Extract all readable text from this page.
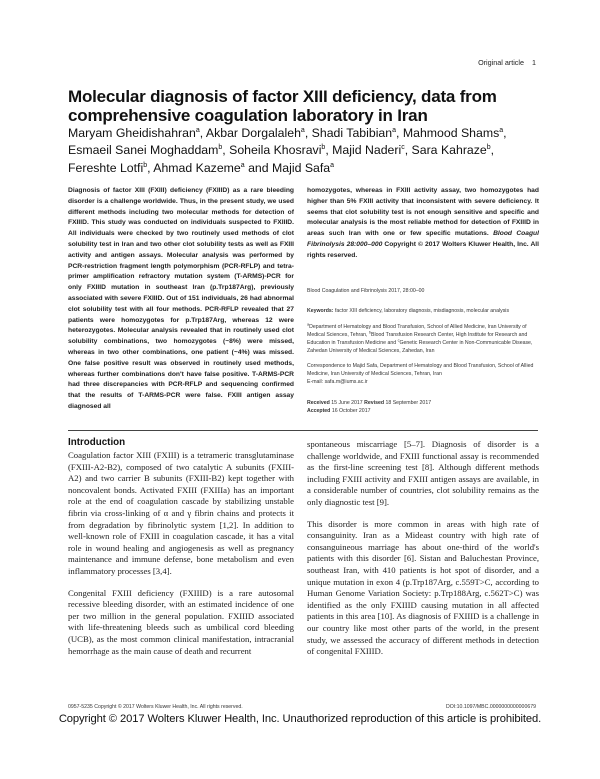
Original article 1
Molecular diagnosis of factor XIII deficiency, data from comprehensive coagulation laboratory in Iran
Maryam Gheidishahran$^a$, Akbar Dorgalaleh$^a$, Shadi Tabibian$^a$, Mahmood Shams$^a$, Esmaeil Sanei Moghaddam$^b$, Soheila Khosravi$^b$, Majid Naderi$^c$, Sara Kahraze$^b$, Fereshte Lotfi$^b$, Ahmad Kazeme$^a$ and Majid Safa$^a$
Diagnosis of factor XIII (FXIII) deficiency (FXIIID) as a rare bleeding disorder is a challenge worldwide. Thus, in the present study, we used different methods including two molecular methods for detection of FXIIID. This study was conducted on individuals suspected to FXIIID. All individuals were checked by two routinely used methods of clot solubility test in Iran and two other clot solubility tests as well as FXIII activity and antigen assays. Molecular analysis was performed by PCR-restriction fragment length polymorphism (PCR-RFLP) and tetra-primer amplification refractory mutation system (T-ARMS)-PCR for only FXIIID mutation in southeast Iran (p.Trp187Arg), previously associated with severe FXIIID. Out of 151 individuals, 26 had abnormal clot solubility test with all four methods. PCR-RFLP revealed that 27 patients were homozygotes for p.Trp187Arg, whereas 12 were heterozygotes. Molecular analysis revealed that in routinely used clot solubility combinations, two homozygotes (~8%) were missed, whereas in two other combinations, one patient (~4%) was missed. One false positive result was observed in routinely used methods, whereas further combinations don't have false positive. T-ARMS-PCR had three discrepancies with PCR-RFLP and sequencing confirmed that the results of T-ARMS-PCR were false. FXIII antigen assay diagnosed all
homozygotes, whereas in FXIII activity assay, two homozygotes had higher than 5% FXIII activity that inconsistent with severe deficiency. It seems that clot solubility test is not enough sensitive and specific and molecular analysis is the most reliable method for detection of FXIIID in areas such Iran with one or few specific mutations. Blood Coagul Fibrinolysis 28:000–000 Copyright © 2017 Wolters Kluwer Health, Inc. All rights reserved.
Blood Coagulation and Fibrinolysis 2017, 28:00–00
Keywords: factor XIII deficiency, laboratory diagnosis, misdiagnosis, molecular analysis
$^a$Department of Hematology and Blood Transfusion, School of Allied Medicine, Iran University of Medical Sciences, Tehran, $^b$Blood Transfusion Research Center, High Institute for Research and Education in Transfusion Medicine and $^c$Genetic Research Center in Non-Communicable Disease, Zahedan University of Medical Sciences, Zahedan, Iran
Correspondence to Majid Safa, Department of Hematology and Blood Transfusion, School of Allied Medicine, Iran University of Medical Sciences, Tehran, Iran
E-mail: safa.m@iums.ac.ir
Received 15 June 2017 Revised 18 September 2017
Accepted 16 October 2017
Introduction

Coagulation factor XIII (FXIII) is a tetrameric transglutaminase (FXIII-A2-B2), composed of two catalytic A subunits (FXIII-A2) and two carrier B subunits (FXIII-B2) kept together with noncovalent bonds. Activated FXIII (FXIIIa) has an important role at the end of coagulation cascade by stabilizing unstable fibrin via cross-linking of α and γ fibrin chains and protects it from degradation by fibrinolytic system [1,2]. In addition to well-known role of FXIII in coagulation cascade, it has a vital role in wound healing and angiogenesis as well as pregnancy maintenance and immune defense, bone metabolism and even inflammatory processes [3,4].

Congenital FXIII deficiency (FXIIID) is a rare autosomal recessive bleeding disorder, with an estimated incidence of one per two million in the general population. FXIIID associated with life-threatening bleeds such as umbilical cord bleeding (UCB), as the most common clinical manifestation, intracranial hemorrhage as the main cause of death and recurrent

spontaneous miscarriage [5–7]. Diagnosis of disorder is a challenge worldwide, and FXIII functional assay is recommended as the first-line screening test [8]. Although different methods including FXIII activity and FXIII antigen assays are available, in a considerable number of countries, clot solubility remains as the only diagnostic test [9].

This disorder is more common in areas with high rate of consanguinity. Iran as a Mideast country with high rate of consanguineous marriage has about one-third of the world's patients with this disorder [6]. Sistan and Baluchestan Province, southeast Iran, with 410 patients is hot spot of disorder, and a unique mutation in exon 4 (p.Trp187Arg, c.559T>C, according to Human Genome Variation Society: p.Trp188Arg, c.562T>C) was identified as the only FXIIID causing mutation in all affected patients in this area [10]. As diagnosis of FXIIID is a challenge in our country like most other parts of the world, in the present study, we assessed the accuracy of different methods in detection of congenital FXIIID.

0957-5235 Copyright © 2017 Wolters Kluwer Health, Inc. All rights reserved.	DOI:10.1097/MBC.0000000000000679
Copyright © 2017 Wolters Kluwer Health, Inc. Unauthorized reproduction of this article is prohibited.
